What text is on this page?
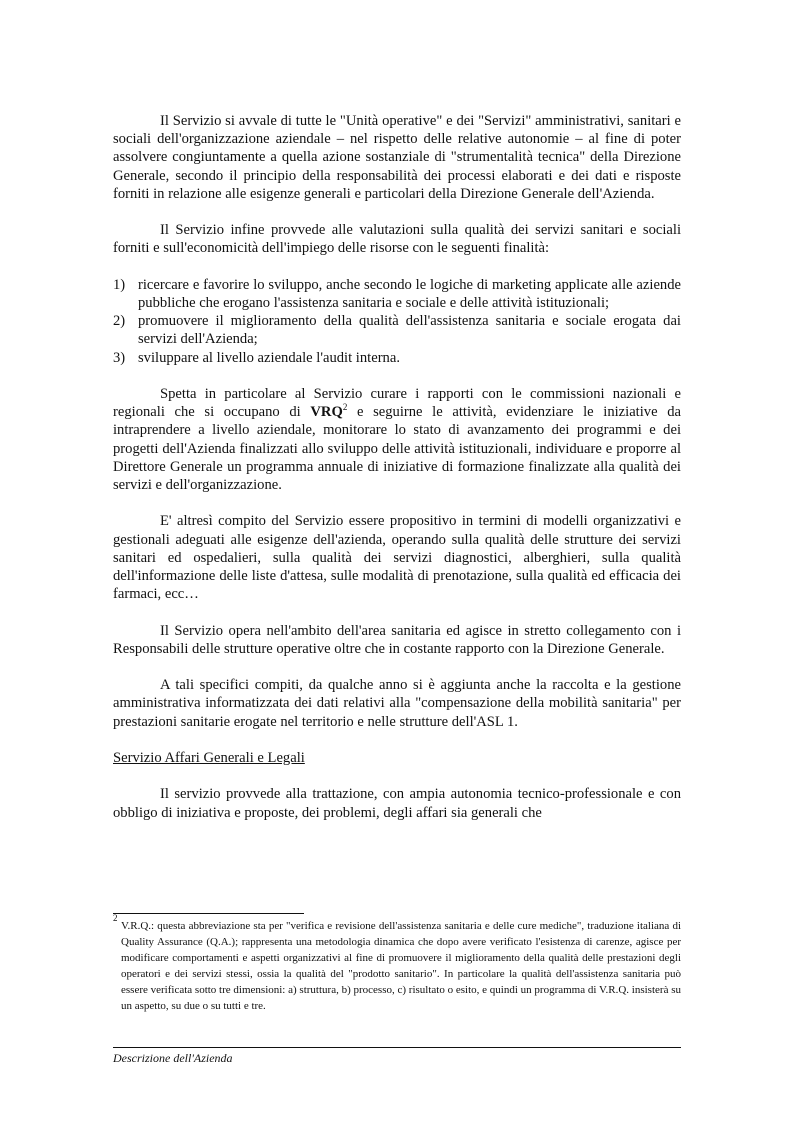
Il Servizio si avvale di tutte le "Unità operative" e dei "Servizi" amministrativi, sanitari e sociali dell'organizzazione aziendale – nel rispetto delle relative autonomie – al fine di poter assolvere congiuntamente a quella azione sostanziale di "strumentalità tecnica" della Direzione Generale, secondo il principio della responsabilità dei processi elaborati e dei dati e risposte forniti in relazione alle esigenze generali e particolari della Direzione Generale dell'Azienda.

Il Servizio infine provvede alle valutazioni sulla qualità dei servizi sanitari e sociali forniti e sull'economicità dell'impiego delle risorse con le seguenti finalità:

1) ricercare e favorire lo sviluppo, anche secondo le logiche di marketing applicate alle aziende pubbliche che erogano l'assistenza sanitaria e sociale e delle attività istituzionali;
2) promuovere il miglioramento della qualità dell'assistenza sanitaria e sociale erogata dai servizi dell'Azienda;
3) sviluppare al livello aziendale l'audit interna.

Spetta in particolare al Servizio curare i rapporti con le commissioni nazionali e regionali che si occupano di VRQ$^2$ e seguirne le attività, evidenziare le iniziative da intraprendere a livello aziendale, monitorare lo stato di avanzamento dei programmi e dei progetti dell'Azienda finalizzati allo sviluppo delle attività istituzionali, individuare e proporre al Direttore Generale un programma annuale di iniziative di formazione finalizzate alla qualità dei servizi e dell'organizzazione.

E' altresì compito del Servizio essere propositivo in termini di modelli organizzativi e gestionali adeguati alle esigenze dell'azienda, operando sulla qualità delle strutture dei servizi sanitari ed ospedalieri, sulla qualità dei servizi diagnostici, alberghieri, sulla qualità dell'informazione delle liste d'attesa, sulle modalità di prenotazione, sulla qualità ed efficacia dei farmaci, ecc…

Il Servizio opera nell'ambito dell'area sanitaria ed agisce in stretto collegamento con i Responsabili delle strutture operative oltre che in costante rapporto con la Direzione Generale.

A tali specifici compiti, da qualche anno si è aggiunta anche la raccolta e la gestione amministrativa informatizzata dei dati relativi alla "compensazione della mobilità sanitaria" per prestazioni sanitarie erogate nel territorio e nelle strutture dell'ASL 1.

Servizio Affari Generali e Legali

Il servizio provvede alla trattazione, con ampia autonomia tecnico-professionale e con obbligo di iniziativa e proposte, dei problemi, degli affari sia generali che

2
V.R.Q.: questa abbreviazione sta per "verifica e revisione dell'assistenza sanitaria e delle cure mediche", traduzione italiana di Quality Assurance (Q.A.); rappresenta una metodologia dinamica che dopo avere verificato l'esistenza di carenze, agisce per modificare comportamenti e aspetti organizzativi al fine di promuovere il miglioramento della qualità delle prestazioni degli operatori e dei servizi stessi, ossia la qualità del "prodotto sanitario". In particolare la qualità dell'assistenza sanitaria può essere verificata sotto tre dimensioni: a) struttura, b) processo, c) risultato o esito, e quindi un programma di V.R.Q. insisterà su un aspetto, su due o su tutti e tre.
Descrizione dell'Azienda
